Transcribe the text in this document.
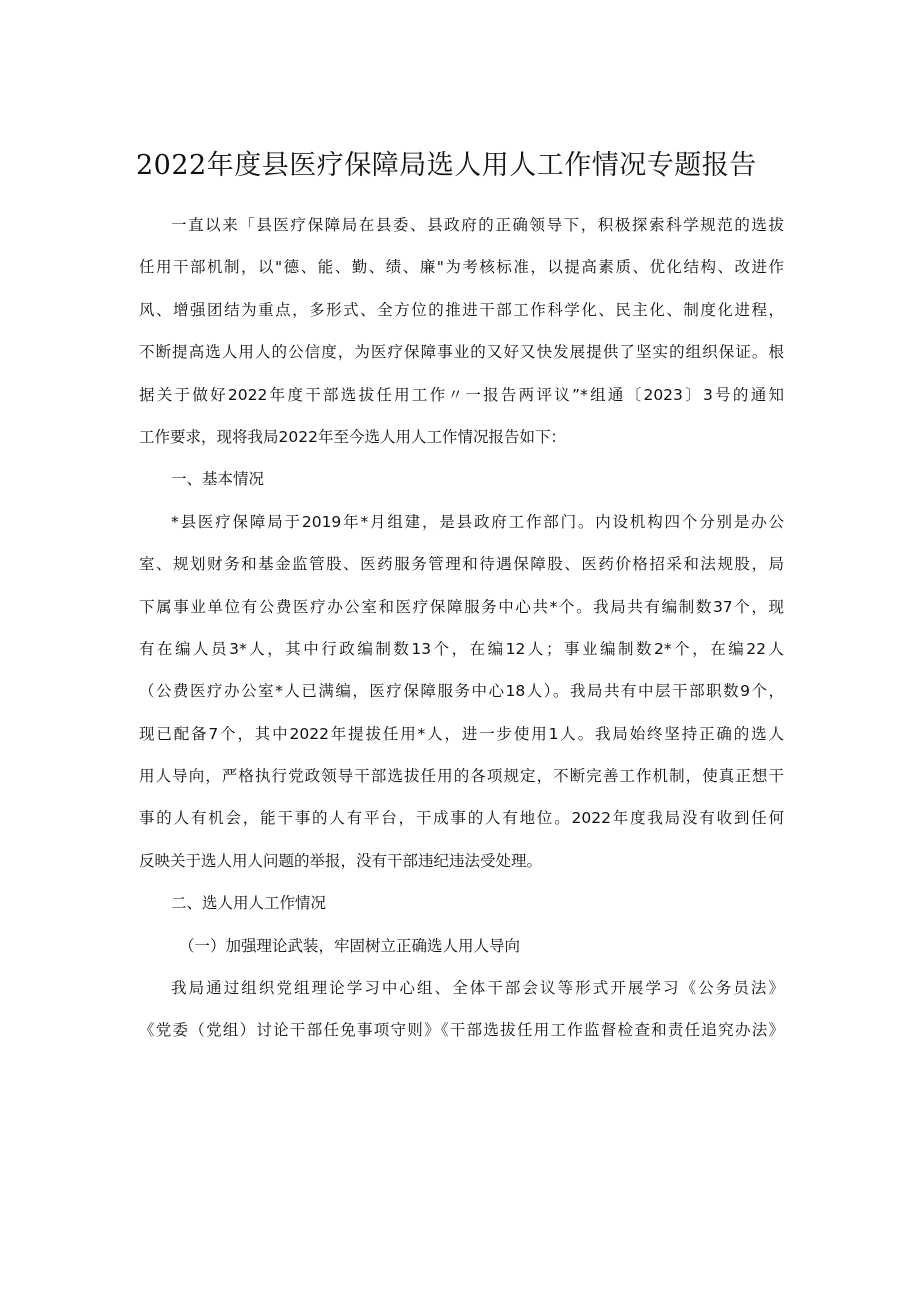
2022年度县医疗保障局选人用人工作情况专题报告
一直以来「县医疗保障局在县委、县政府的正确领导下，积极探索科学规范的选拔
任用干部机制，以"德、能、勤、绩、廉"为考核标准，以提高素质、优化结构、改进作
风、增强团结为重点，多形式、全方位的推进干部工作科学化、民主化、制度化进程，
不断提高选人用人的公信度，为医疗保障事业的又好又快发展提供了坚实的组织保证。根
据关于做好2022年度干部选拔任用工作〃一报告两评议”*组通〔2023〕3号的通知
工作要求，现将我局2022年至今选人用人工作情况报告如下：
一、基本情况
*县医疗保障局于2019年*月组建，是县政府工作部门。内设机构四个分别是办公
室、规划财务和基金监管股、医药服务管理和待遇保障股、医药价格招采和法规股，局
下属事业单位有公费医疗办公室和医疗保障服务中心共*个。我局共有编制数37个，现
有在编人员3*人，其中行政编制数13个，在编12人；事业编制数2*个，在编22人
（公费医疗办公室*人已满编，医疗保障服务中心18人）。我局共有中层干部职数9个，
现已配备7个，其中2022年提拔任用*人，进一步使用1人。我局始终坚持正确的选人
用人导向，严格执行党政领导干部选拔任用的各项规定，不断完善工作机制，使真正想干
事的人有机会，能干事的人有平台，干成事的人有地位。2022年度我局没有收到任何
反映关于选人用人问题的举报，没有干部违纪违法受处理。
二、选人用人工作情况
（一）加强理论武装，牢固树立正确选人用人导向
我局通过组织党组理论学习中心组、全体干部会议等形式开展学习《公务员法》
《党委（党组）讨论干部任免事项守则》《干部选拔任用工作监督检查和责任追究办法》
